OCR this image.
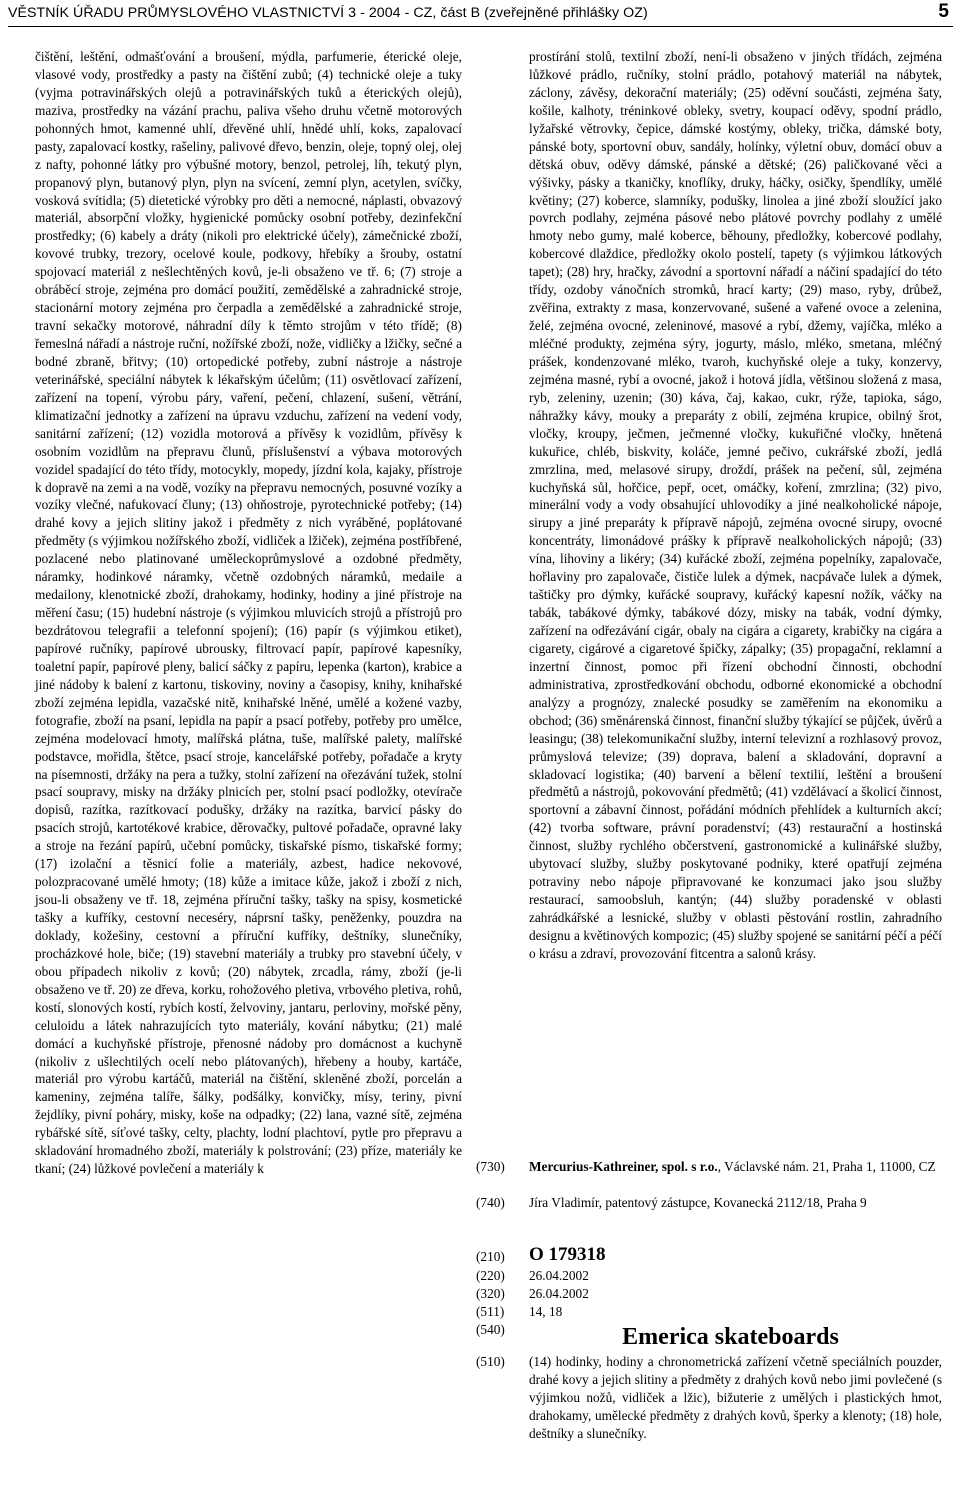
VĚSTNÍK ÚŘADU PRŮMYSLOVÉHO VLASTNICTVÍ 3 - 2004 - CZ, část B (zveřejněné přihlášky OZ)	5

čištění, leštění, odmašťování a broušení, mýdla, parfumerie, éterické oleje, vlasové vody, prostředky a pasty na čištění zubů; (4) technické oleje a tuky (vyjma potravinářských olejů a potravinářských tuků a éterických olejů), maziva, prostředky na vázání prachu, paliva všeho druhu včetně motorových pohonných hmot, kamenné uhlí, dřevěné uhlí, hnědé uhlí, koks, zapalovací pasty, zapalovací kostky, rašeliny, palivové dřevo, benzin, oleje, topný olej, olej z nafty, pohonné látky pro výbušné motory, benzol, petrolej, líh, tekutý plyn, propanový plyn, butanový plyn, plyn na svícení, zemní plyn, acetylen, svíčky, vosková svítidla; (5) dietetické výrobky pro děti a nemocné, náplasti, obvazový materiál, absorpční vložky, hygienické pomůcky osobní potřeby, dezinfekční prostředky; (6) kabely a dráty (nikoli pro elektrické účely), zámečnické zboží, kovové trubky, trezory, ocelové koule, podkovy, hřebíky a šrouby, ostatní spojovací materiál z nešlechtěných kovů, je-li obsaženo ve tř. 6; (7) stroje a obráběcí stroje, zejména pro domácí použití, zemědělské a zahradnické stroje, stacionární motory zejména pro čerpadla a zemědělské a zahradnické stroje, travní sekačky motorové, náhradní díly k těmto strojům v této třídě; (8) řemeslná nářadí a nástroje ruční, nožířské zboží, nože, vidličky a lžičky, sečné a bodné zbraně, břitvy; (10) ortopedické potřeby, zubní nástroje a nástroje veterinářské, speciální nábytek k lékařským účelům; (11) osvětlovací zařízení, zařízení na topení, výrobu páry, vaření, pečení, chlazení, sušení, větrání, klimatizační jednotky a zařízení na úpravu vzduchu, zařízení na vedení vody, sanitární zařízení; (12) vozidla motorová a přívěsy k vozidlům, přívěsy k osobním vozidlům na přepravu člunů, příslušenství a výbava motorových vozidel spadající do této třídy, motocykly, mopedy, jízdní kola, kajaky, přístroje k dopravě na zemi a na vodě, vozíky na přepravu nemocných, posuvné vozíky a vozíky vlečné, nafukovací čluny; (13) ohňostroje, pyrotechnické potřeby; (14) drahé kovy a jejich slitiny jakož i předměty z nich vyráběné, poplátované předměty (s výjimkou nožířského zboží, vidliček a lžiček), zejména postříbřené, pozlacené nebo platinované uměleckoprůmyslové a ozdobné předměty, náramky, hodinkové náramky, včetně ozdobných náramků, medaile a medailony, klenotnické zboží, drahokamy, hodinky, hodiny a jiné přístroje na měření času; (15) hudební nástroje (s výjimkou mluvicích strojů a přístrojů pro bezdrátovou telegrafii a telefonní spojení); (16) papír (s výjimkou etiket), papírové ručníky, papírové ubrousky, filtrovací papír, papírové kapesníky, toaletní papír, papírové pleny, balicí sáčky z papíru, lepenka (karton), krabice a jiné nádoby k balení z kartonu, tiskoviny, noviny a časopisy, knihy, knihařské zboží zejména lepidla, vazačské nitě, knihařské lněné, umělé a kožené vazby, fotografie, zboží na psaní, lepidla na papír a psací potřeby, potřeby pro umělce, zejména modelovací hmoty, malířská plátna, tuše, malířské palety, malířské podstavce, mořidla, štětce, psací stroje, kancelářské potřeby, pořadače a kryty na písemnosti, držáky na pera a tužky, stolní zařízení na ořezávání tužek, stolní psací soupravy, misky na držáky plnicích per, stolní psací podložky, otevírače dopisů, razítka, razítkovací podušky, držáky na razítka, barvicí pásky do psacích strojů, kartotékové krabice, děrovačky, pultové pořadače, opravné laky a stroje na řezání papírů, učební pomůcky, tiskařské písmo, tiskařské formy; (17) izolační a těsnicí folie a materiály, azbest, hadice nekovové, polozpracované umělé hmoty; (18) kůže a imitace kůže, jakož i zboží z nich, jsou-li obsaženy ve tř. 18, zejména příruční tašky, tašky na spisy, kosmetické tašky a kufříky, cestovní neceséry, náprsní tašky, peněženky, pouzdra na doklady, kožešiny, cestovní a příruční kufříky, deštníky, slunečníky, procházkové hole, biče; (19) stavební materiály a trubky pro stavební účely, v obou případech nikoliv z kovů; (20) nábytek, zrcadla, rámy, zboží (je-li obsaženo ve tř. 20) ze dřeva, korku, rohožového pletiva, vrbového pletiva, rohů, kostí, slonových kostí, rybích kostí, želvoviny, jantaru, perloviny, mořské pěny, celuloidu a látek nahrazujících tyto materiály, kování nábytku; (21) malé domácí a kuchyňské přístroje, přenosné nádoby pro domácnost a kuchyně (nikoliv z ušlechtilých ocelí nebo plátovaných), hřebeny a houby, kartáče, materiál pro výrobu kartáčů, materiál na čištění, skleněné zboží, porcelán a kameniny, zejména talíře, šálky, podšálky, konvičky, mísy, teriny, pivní žejdlíky, pivní poháry, misky, koše na odpadky; (22) lana, vazné sítě, zejména rybářské sítě, síťové tašky, celty, plachty, lodní plachtoví, pytle pro přepravu a skladování hromadného zboží, materiály k polstrování; (23) příze, materiály ke tkaní; (24) lůžkové povlečení a materiály k

prostírání stolů, textilní zboží, není-li obsaženo v jiných třídách, zejména lůžkové prádlo, ručníky, stolní prádlo, potahový materiál na nábytek, záclony, závěsy, dekorační materiály; (25) oděvní součásti, zejména šaty, košile, kalhoty, tréninkové obleky, svetry, koupací oděvy, spodní prádlo, lyžařské větrovky, čepice, dámské kostýmy, obleky, trička, dámské boty, pánské boty, sportovní obuv, sandály, holínky, výletní obuv, domácí obuv a dětská obuv, oděvy dámské, pánské a dětské; (26) paličkované věci a výšivky, pásky a tkaničky, knoflíky, druky, háčky, osičky, špendlíky, umělé květiny; (27) koberce, slamníky, podušky, linolea a jiné zboží sloužící jako povrch podlahy, zejména pásové nebo plátové povrchy podlahy z umělé hmoty nebo gumy, malé koberce, běhouny, předložky, kobercové podlahy, kobercové dlaždice, předložky okolo postelí, tapety (s výjimkou látkových tapet); (28) hry, hračky, závodní a sportovní nářadí a náčiní spadající do této třídy, ozdoby vánočních stromků, hrací karty; (29) maso, ryby, drůbež, zvěřina, extrakty z masa, konzervované, sušené a vařené ovoce a zelenina, želé, zejména ovocné, zeleninové, masové a rybí, džemy, vajíčka, mléko a mléčné produkty, zejména sýry, jogurty, máslo, mléko, smetana, mléčný prášek, kondenzované mléko, tvaroh, kuchyňské oleje a tuky, konzervy, zejména masné, rybí a ovocné, jakož i hotová jídla, většinou složená z masa, ryb, zeleniny, uzenin; (30) káva, čaj, kakao, cukr, rýže, tapioka, ságo, náhražky kávy, mouky a preparáty z obilí, zejména krupice, obilný šrot, vločky, kroupy, ječmen, ječmenné vločky, kukuřičné vločky, hnětená kukuřice, chléb, biskvity, koláče, jemné pečivo, cukrářské zboží, jedlá zmrzlina, med, melasové sirupy, droždí, prášek na pečení, sůl, zejména kuchyňská sůl, hořčice, pepř, ocet, omáčky, koření, zmrzlina; (32) pivo, minerální vody a vody obsahující uhlovodíky a jiné nealkoholické nápoje, sirupy a jiné preparáty k přípravě nápojů, zejména ovocné sirupy, ovocné koncentráty, limonádové prášky k přípravě nealkoholických nápojů; (33) vína, lihoviny a likéry; (34) kuřácké zboží, zejména popelníky, zapalovače, hořlaviny pro zapalovače, čističe lulek a dýmek, nacpávače lulek a dýmek, taštičky pro dýmky, kuřácké soupravy, kuřácký kapesní nožík, váčky na tabák, tabákové dýmky, tabákové dózy, misky na tabák, vodní dýmky, zařízení na odřezávání cigár, obaly na cigára a cigarety, krabičky na cigára a cigarety, cigárové a cigaretové špičky, zápalky; (35) propagační, reklamní a inzertní činnost, pomoc při řízení obchodní činnosti, obchodní administrativa, zprostředkování obchodu, odborné ekonomické a obchodní analýzy a prognózy, znalecké posudky se zaměřením na ekonomiku a obchod; (36) směnárenská činnost, finanční služby týkající se půjček, úvěrů a leasingu; (38) telekomunikační služby, interní televizní a rozhlasový provoz, průmyslová televize; (39) doprava, balení a skladování, dopravní a skladovací logistika; (40) barvení a bělení textilií, leštění a broušení předmětů a nástrojů, pokovování předmětů; (41) vzdělávací a školicí činnost, sportovní a zábavní činnost, pořádání módních přehlídek a kulturních akcí; (42) tvorba software, právní poradenství; (43) restaurační a hostinská činnost, služby rychlého občerstvení, gastronomické a kulinářské služby, ubytovací služby, služby poskytované podniky, které opatřují zejména potraviny nebo nápoje připravované ke konzumaci jako jsou služby restaurací, samoobsluh, kantýn; (44) služby poradenské v oblasti zahrádkářské a lesnické, služby v oblasti pěstování rostlin, zahradního designu a květinových kompozic; (45) služby spojené se sanitární péčí a péčí o krásu a zdraví, provozování fitcentra a salonů krásy.

(730)	Mercurius-Kathreiner, spol. s r.o., Václavské nám. 21, Praha 1, 11000, CZ
(740)	Jíra Vladimír, patentový zástupce, Kovanecká 2112/18, Praha 9
(210)	O 179318
(220)	26.04.2002
(320)	26.04.2002
(511)	14, 18
(540)	Emerica skateboards
(510)	(14) hodinky, hodiny a chronometrická zařízení včetně speciálních pouzder, drahé kovy a jejich slitiny a předměty z drahých kovů nebo jimi povlečené (s výjimkou nožů, vidliček a lžic), bižuterie z umělých i plastických hmot, drahokamy, umělecké předměty z drahých kovů, šperky a klenoty; (18) hole, deštníky a slunečníky.
